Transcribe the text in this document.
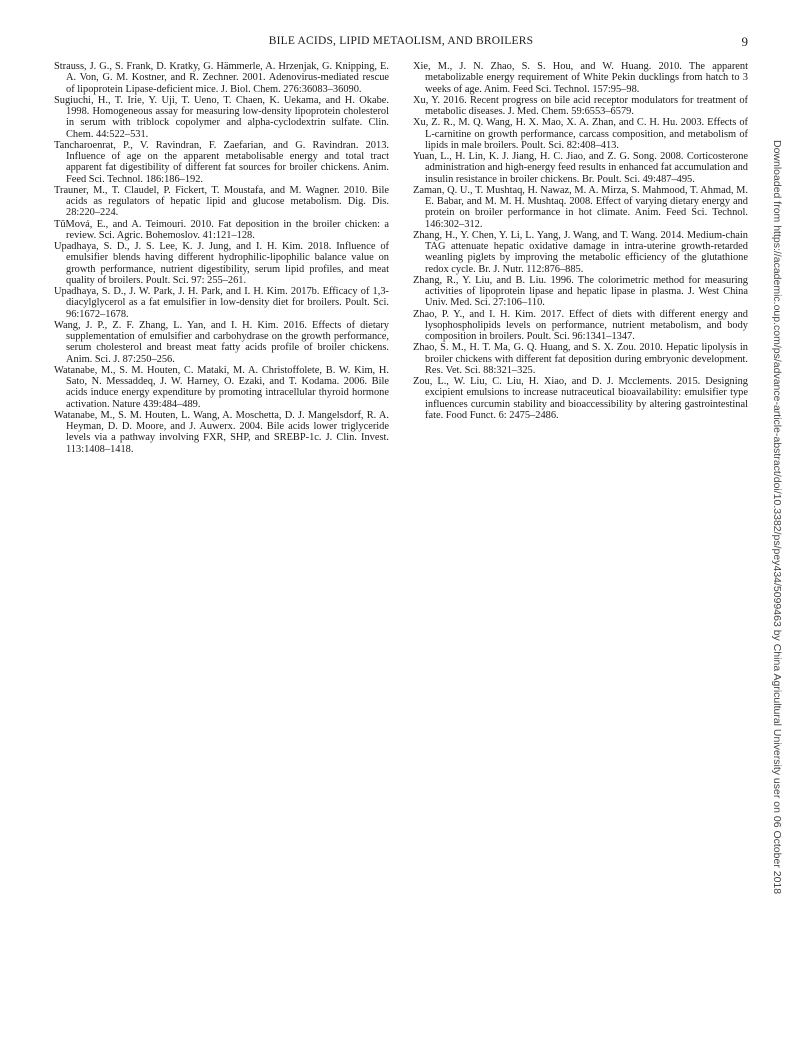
BILE ACIDS, LIPID METAOLISM, AND BROILERS	9

Strauss, J. G., S. Frank, D. Kratky, G. Hämmerle, A. Hrzenjak, G. Knipping, E. A. Von, G. M. Kostner, and R. Zechner. 2001. Adenovirus-mediated rescue of lipoprotein Lipase-deficient mice. J. Biol. Chem. 276:36083–36090.

Sugiuchi, H., T. Irie, Y. Uji, T. Ueno, T. Chaen, K. Uekama, and H. Okabe. 1998. Homogeneous assay for measuring low-density lipoprotein cholesterol in serum with triblock copolymer and alpha-cyclodextrin sulfate. Clin. Chem. 44:522–531.

Tancharoenrat, P., V. Ravindran, F. Zaefarian, and G. Ravindran. 2013. Influence of age on the apparent metabolisable energy and total tract apparent fat digestibility of different fat sources for broiler chickens. Anim. Feed Sci. Technol. 186:186–192.

Trauner, M., T. Claudel, P. Fickert, T. Moustafa, and M. Wagner. 2010. Bile acids as regulators of hepatic lipid and glucose metabolism. Dig. Dis. 28:220–224.

TŭMová, E., and A. Teimouri. 2010. Fat deposition in the broiler chicken: a review. Sci. Agric. Bohemoslov. 41:121–128.

Upadhaya, S. D., J. S. Lee, K. J. Jung, and I. H. Kim. 2018. Influence of emulsifier blends having different hydrophilic-lipophilic balance value on growth performance, nutrient digestibility, serum lipid profiles, and meat quality of broilers. Poult. Sci. 97: 255–261.

Upadhaya, S. D., J. W. Park, J. H. Park, and I. H. Kim. 2017b. Efficacy of 1,3-diacylglycerol as a fat emulsifier in low-density diet for broilers. Poult. Sci. 96:1672–1678.

Wang, J. P., Z. F. Zhang, L. Yan, and I. H. Kim. 2016. Effects of dietary supplementation of emulsifier and carbohydrase on the growth performance, serum cholesterol and breast meat fatty acids profile of broiler chickens. Anim. Sci. J. 87:250–256.

Watanabe, M., S. M. Houten, C. Mataki, M. A. Christoffolete, B. W. Kim, H. Sato, N. Messaddeq, J. W. Harney, O. Ezaki, and T. Kodama. 2006. Bile acids induce energy expenditure by promoting intracellular thyroid hormone activation. Nature 439:484–489.

Watanabe, M., S. M. Houten, L. Wang, A. Moschetta, D. J. Mangelsdorf, R. A. Heyman, D. D. Moore, and J. Auwerx. 2004. Bile acids lower triglyceride levels via a pathway involving FXR, SHP, and SREBP-1c. J. Clin. Invest. 113:1408–1418.

Xie, M., J. N. Zhao, S. S. Hou, and W. Huang. 2010. The apparent metabolizable energy requirement of White Pekin ducklings from hatch to 3 weeks of age. Anim. Feed Sci. Technol. 157:95–98.

Xu, Y. 2016. Recent progress on bile acid receptor modulators for treatment of metabolic diseases. J. Med. Chem. 59:6553–6579.

Xu, Z. R., M. Q. Wang, H. X. Mao, X. A. Zhan, and C. H. Hu. 2003. Effects of L-carnitine on growth performance, carcass composition, and metabolism of lipids in male broilers. Poult. Sci. 82:408–413.

Yuan, L., H. Lin, K. J. Jiang, H. C. Jiao, and Z. G. Song. 2008. Corticosterone administration and high-energy feed results in enhanced fat accumulation and insulin resistance in broiler chickens. Br. Poult. Sci. 49:487–495.

Zaman, Q. U., T. Mushtaq, H. Nawaz, M. A. Mirza, S. Mahmood, T. Ahmad, M. E. Babar, and M. M. H. Mushtaq. 2008. Effect of varying dietary energy and protein on broiler performance in hot climate. Anim. Feed Sci. Technol. 146:302–312.

Zhang, H., Y. Chen, Y. Li, L. Yang, J. Wang, and T. Wang. 2014. Medium-chain TAG attenuate hepatic oxidative damage in intra-uterine growth-retarded weanling piglets by improving the metabolic efficiency of the glutathione redox cycle. Br. J. Nutr. 112:876–885.

Zhang, R., Y. Liu, and B. Liu. 1996. The colorimetric method for measuring activities of lipoprotein lipase and hepatic lipase in plasma. J. West China Univ. Med. Sci. 27:106–110.

Zhao, P. Y., and I. H. Kim. 2017. Effect of diets with different energy and lysophospholipids levels on performance, nutrient metabolism, and body composition in broilers. Poult. Sci. 96:1341–1347.

Zhao, S. M., H. T. Ma, G. Q. Huang, and S. X. Zou. 2010. Hepatic lipolysis in broiler chickens with different fat deposition during embryonic development. Res. Vet. Sci. 88:321–325.

Zou, L., W. Liu, C. Liu, H. Xiao, and D. J. Mcclements. 2015. Designing excipient emulsions to increase nutraceutical bioavailability: emulsifier type influences curcumin stability and bioaccessibility by altering gastrointestinal fate. Food Funct. 6: 2475–2486.	Downloaded from https://academic.oup.com/ps/advance-article-abstract/doi/10.3382/ps/pey434/5099463 by China Agricultural University user on 06 October 2018
